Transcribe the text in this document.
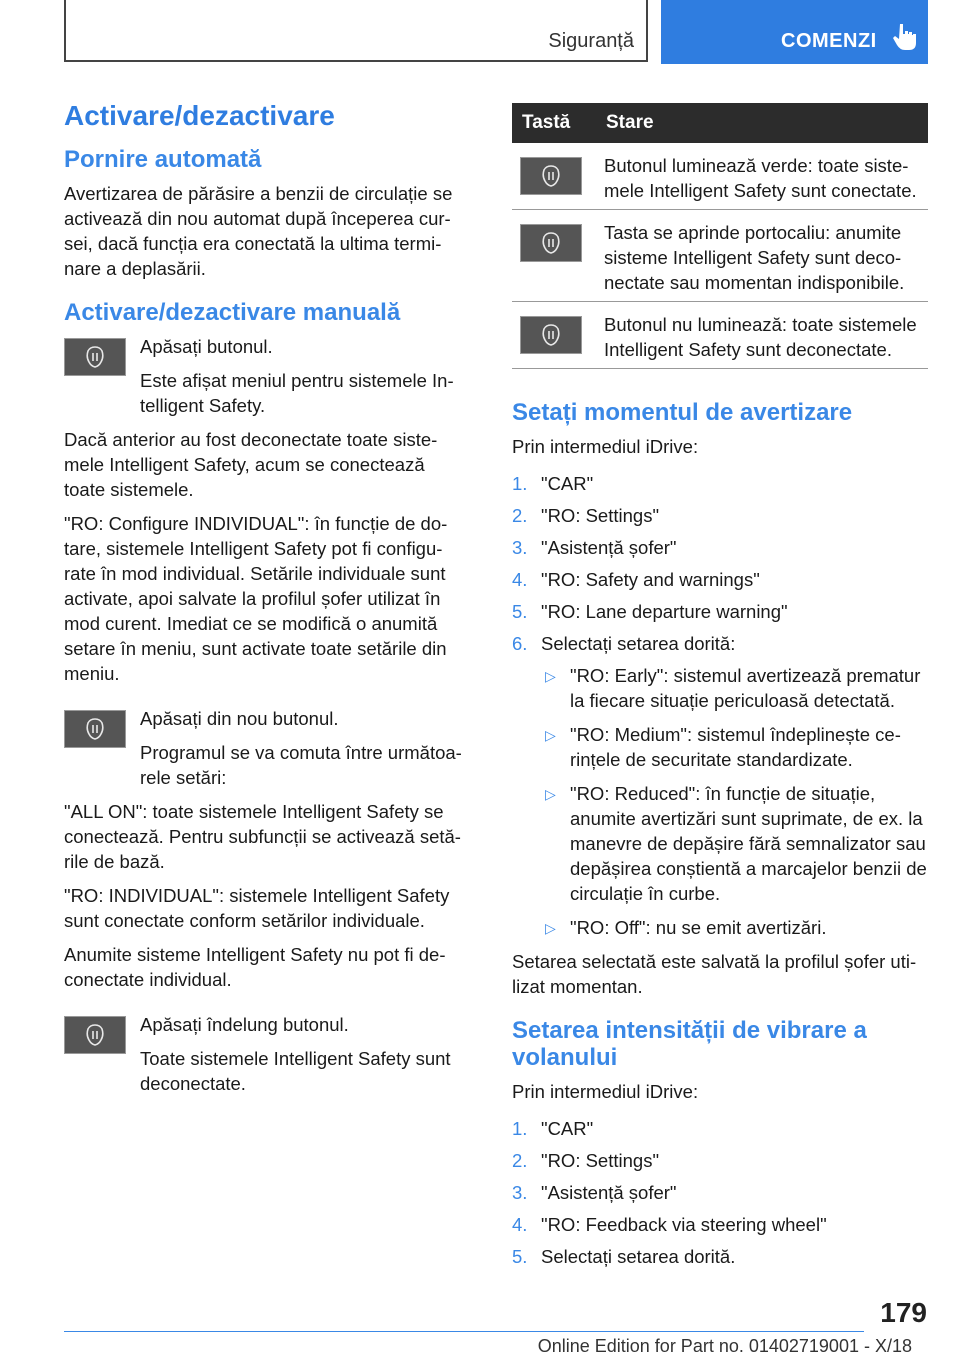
Siguranță	COMENZI
Activare/dezactivare
Pornire automată

Avertizarea de părăsire a benzii de circulație se activează din nou automat după începerea cursei, dacă funcția era conectată la ultima terminare a deplasării.

Activare/dezactivare manuală

Apăsați butonul.

Este afișat meniul pentru sistemele Intelligent Safety.

Dacă anterior au fost deconectate toate sistemele Intelligent Safety, acum se conectează toate sistemele.

"RO: Configure INDIVIDUAL": în funcție de dotare, sistemele Intelligent Safety pot fi configurate în mod individual. Setările individuale sunt activate, apoi salvate la profilul șofer utilizat în mod curent. Imediat ce se modifică o anumită setare în meniu, sunt activate toate setările din meniu.

Apăsați din nou butonul.

Programul se va comuta între următoarele setări:

"ALL ON": toate sistemele Intelligent Safety se conectează. Pentru subfuncții se activează setările de bază.

"RO: INDIVIDUAL": sistemele Intelligent Safety sunt conectate conform setărilor individuale.

Anumite sisteme Intelligent Safety nu pot fi deconectate individual.

Apăsați îndelung butonul.

Toate sistemele Intelligent Safety sunt deconectate.

Tastă	Stare

	Butonul luminează verde: toate sistemele Intelligent Safety sunt conectate.

	Tasta se aprinde portocaliu: anumite sisteme Intelligent Safety sunt deconectate sau momentan indisponibile.

	Butonul nu luminează: toate sistemele Intelligent Safety sunt deconectate.
Setați momentul de avertizare

Prin intermediul iDrive:

1. "CAR"
2. "RO: Settings"
3. "Asistență șofer"
4. "RO: Safety and warnings"
5. "RO: Lane departure warning"
6. Selectați setarea dorită:
▷ "RO: Early": sistemul avertizează prematur la fiecare situație periculoasă detectată.
▷ "RO: Medium": sistemul îndeplinește cerințele de securitate standardizate.
▷ "RO: Reduced": în funcție de situație, anumite avertizări sunt suprimate, de ex. la manevre de depășire fără semnalizator sau depășirea conștientă a marcajelor benzii de circulație în curbe.
▷ "RO: Off": nu se emit avertizări.

Setarea selectată este salvată la profilul șofer utilizat momentan.

Setarea intensității de vibrare a volanului

Prin intermediul iDrive:

1. "CAR"
2. "RO: Settings"
3. "Asistență șofer"
4. "RO: Feedback via steering wheel"
5. Selectați setarea dorită.
179
Online Edition for Part no. 01402719001 - X/18
